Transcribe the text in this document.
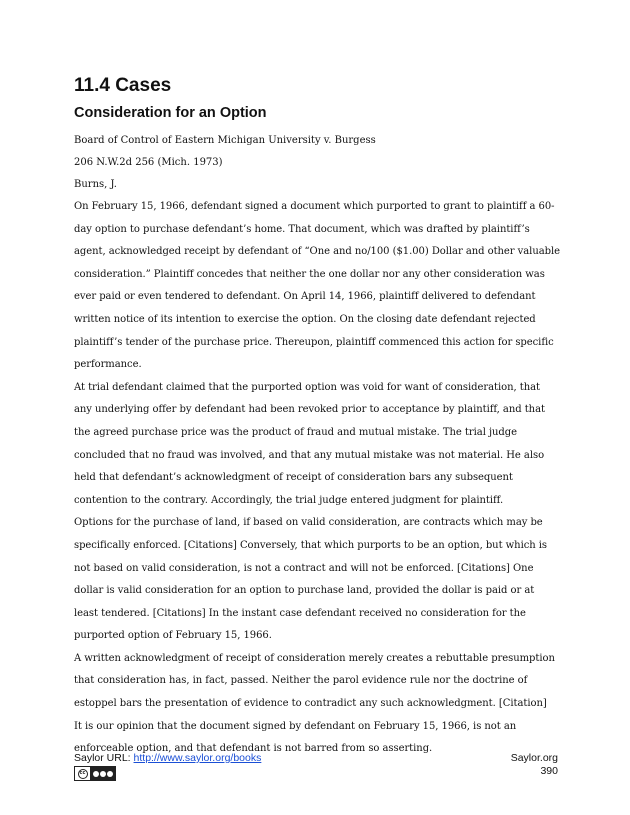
11.4 Cases
Consideration for an Option

Board of Control of Eastern Michigan University v. Burgess

206 N.W.2d 256 (Mich. 1973)

Burns, J.

On February 15, 1966, defendant signed a document which purported to grant to plaintiff a 60-day option to purchase defendant’s home. That document, which was drafted by plaintiff’s agent, acknowledged receipt by defendant of “One and no/100 ($1.00) Dollar and other valuable consideration.” Plaintiff concedes that neither the one dollar nor any other consideration was ever paid or even tendered to defendant. On April 14, 1966, plaintiff delivered to defendant written notice of its intention to exercise the option. On the closing date defendant rejected plaintiff’s tender of the purchase price. Thereupon, plaintiff commenced this action for specific performance.

At trial defendant claimed that the purported option was void for want of consideration, that any underlying offer by defendant had been revoked prior to acceptance by plaintiff, and that the agreed purchase price was the product of fraud and mutual mistake. The trial judge concluded that no fraud was involved, and that any mutual mistake was not material. He also held that defendant’s acknowledgment of receipt of consideration bars any subsequent contention to the contrary. Accordingly, the trial judge entered judgment for plaintiff.

Options for the purchase of land, if based on valid consideration, are contracts which may be specifically enforced. [Citations] Conversely, that which purports to be an option, but which is not based on valid consideration, is not a contract and will not be enforced. [Citations] One dollar is valid consideration for an option to purchase land, provided the dollar is paid or at least tendered. [Citations] In the instant case defendant received no consideration for the purported option of February 15, 1966.

A written acknowledgment of receipt of consideration merely creates a rebuttable presumption that consideration has, in fact, passed. Neither the parol evidence rule nor the doctrine of estoppel bars the presentation of evidence to contradict any such acknowledgment. [Citation]

It is our opinion that the document signed by defendant on February 15, 1966, is not an enforceable option, and that defendant is not barred from so asserting.

Saylor URL: http://www.saylor.org/books	Saylor.org
390
cc
